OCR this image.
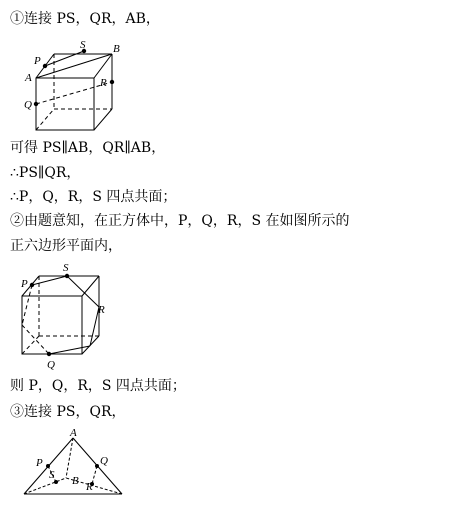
①连接 PS，QR，AB，
P
S	B
A	R
Q
可得 PS∥AB，QR∥AB，
∴PS∥QR，
∴P，Q，R，S 四点共面；
②由题意知，在正方体中，P，Q，R，S 在如图所示的
正六边形平面内，
S
P
R
Q
则 P，Q，R，S 四点共面；
③连接 PS，QR，
A
P	Q
S B R
